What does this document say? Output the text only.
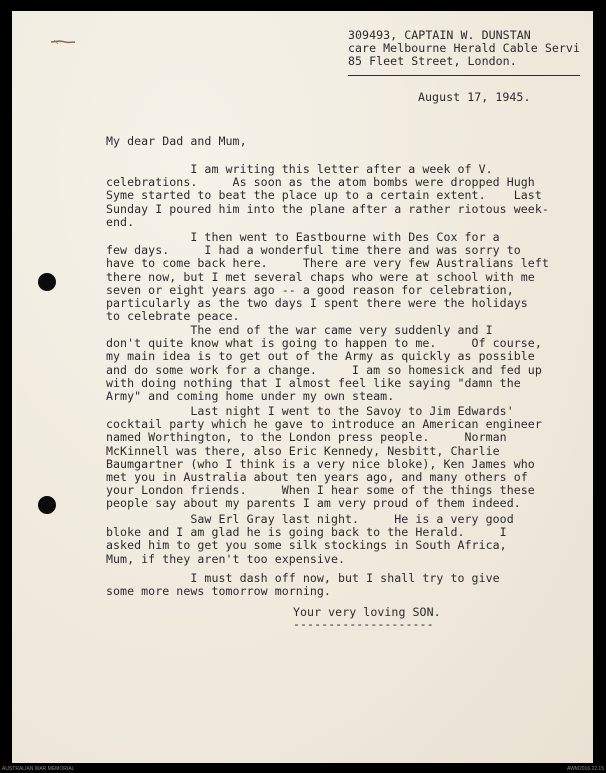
309493, CAPTAIN W. DUNSTAN
care Melbourne Herald Cable Servi
85 Fleet Street, London.
August 17, 1945.
My dear Dad and Mum,
I am writing this letter after a week of V.
celebrations.     As soon as the atom bombs were dropped Hugh
Syme started to beat the place up to a certain extent.    Last
Sunday I poured him into the plane after a rather riotous week-
end.
I then went to Eastbourne with Des Cox for a
few days.     I had a wonderful time there and was sorry to
have to come back here.     There are very few Australians left
there now, but I met several chaps who were at school with me
seven or eight years ago -- a good reason for celebration,
particularly as the two days I spent there were the holidays
to celebrate peace.
The end of the war came very suddenly and I
don't quite know what is going to happen to me.     Of course,
my main idea is to get out of the Army as quickly as possible
and do some work for a change.     I am so homesick and fed up
with doing nothing that I almost feel like saying "damn the
Army" and coming home under my own steam.
Last night I went to the Savoy to Jim Edwards'
cocktail party which he gave to introduce an American engineer
named Worthington, to the London press people.     Norman
McKinnell was there, also Eric Kennedy, Nesbitt, Charlie
Baumgartner (who I think is a very nice bloke), Ken James who
met you in Australia about ten years ago, and many others of
your London friends.     When I hear some of the things these
people say about my parents I am very proud of them indeed.
Saw Erl Gray last night.     He is a very good
bloke and I am glad he is going back to the Herald.     I
asked him to get you some silk stockings in South Africa,
Mum, if they aren't too expensive.
I must dash off now, but I shall try to give
some more news tomorrow morning.
Your very loving SON.
--------------------
AUSTRALIAN WAR MEMORIAL	AWM2016.22.15
